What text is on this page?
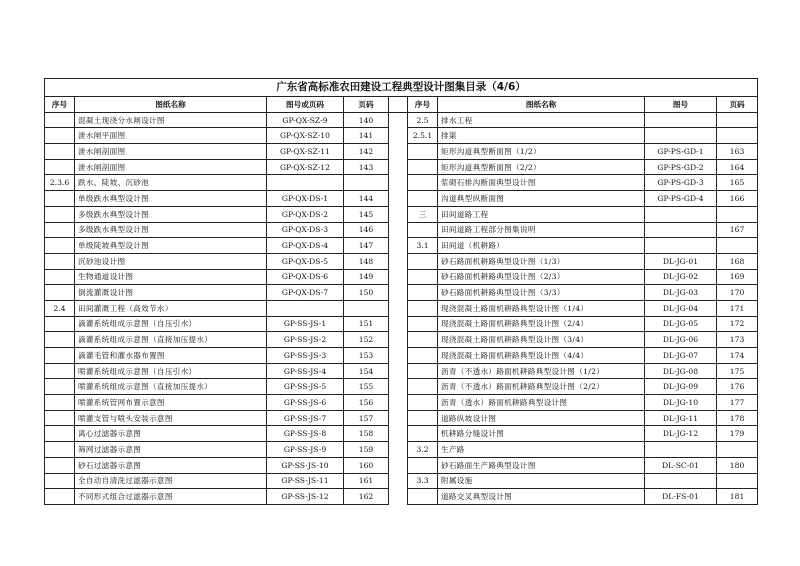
广东省高标准农田建设工程典型设计图集目录（4/6）								
序号	图纸名称	图号或页码	页码		序号	图纸名称	图号	页码
	混凝土现浇分水闸设计图	GP-QX-SZ-9	140		2.5	排水工程		
	泄水闸平面图	GP-QX-SZ-10	141		2.5.1	排渠		
	泄水闸剖面图	GP-QX-SZ-11	142			矩形沟道典型断面图（1/2）	GP-PS-GD-1	163
	泄水闸剖面图	GP-QX-SZ-12	143			矩形沟道典型断面图（2/2）	GP-PS-GD-2	164
2.3.6	跌水、陡坡、沉砂池					浆砌石排沟断面典型设计图	GP-PS-GD-3	165
	单级跌水典型设计图	GP-QX-DS-1	144			沟道典型纵断面图	GP-PS-GD-4	166
	多级跌水典型设计图	GP-QX-DS-2	145		三	田间道路工程		
	多级跌水典型设计图	GP-QX-DS-3	146			田间道路工程部分图集说明		167
	单级陡坡典型设计图	GP-QX-DS-4	147		3.1	田间道（机耕路）		
	沉砂池设计图	GP-QX-DS-5	148			砂石路面机耕路典型设计图（1/3）	DL-JG-01	168
	生物通道设计图	GP-QX-DS-6	149			砂石路面机耕路典型设计图（2/3）	DL-JG-02	169
	倒流灌溉设计图	GP-QX-DS-7	150			砂石路面机耕路典型设计图（3/3）	DL-JG-03	170
2.4	田间灌溉工程（高效节水）					现浇混凝土路面机耕路典型设计图（1/4）	DL-JG-04	171
	滴灌系统组成示意图（自压引水）	GP-SS-JS-1	151			现浇混凝土路面机耕路典型设计图（2/4）	DL-JG-05	172
	滴灌系统组成示意图（直接加压提水）	GP-SS-JS-2	152			现浇混凝土路面机耕路典型设计图（3/4）	DL-JG-06	173
	滴灌毛管和灌水器布置图	GP-SS-JS-3	153			现浇混凝土路面机耕路典型设计图（4/4）	DL-JG-07	174
	喷灌系统组成示意图（自压引水）	GP-SS-JS-4	154			沥青（不透水）路面机耕路典型设计图（1/2）	DL-JG-08	175
	喷灌系统组成示意图（直接加压提水）	GP-SS-JS-5	155			沥青（不透水）路面机耕路典型设计图（2/2）	DL-JG-09	176
	喷灌系统管网布置示意图	GP-SS-JS-6	156			沥青（透水）路面机耕路典型设计图	DL-JG-10	177
	喷灌支管与喷头安装示意图	GP-SS-JS-7	157			道路纵坡设计图	DL-JG-11	178
	离心过滤器示意图	GP-SS-JS-8	158			机耕路分缝设计图	DL-JG-12	179
	筛网过滤器示意图	GP-SS-JS-9	159		3.2	生产路		
	砂石过滤器示意图	GP-SS-JS-10	160			砂石路面生产路典型设计图	DL-SC-01	180
	全自动自清洗过滤器示意图	GP-SS-JS-11	161		3.3	附属设施		
	不同形式组合过滤器示意图	GP-SS-JS-12	162			道路交叉典型设计图	DL-FS-01	181
